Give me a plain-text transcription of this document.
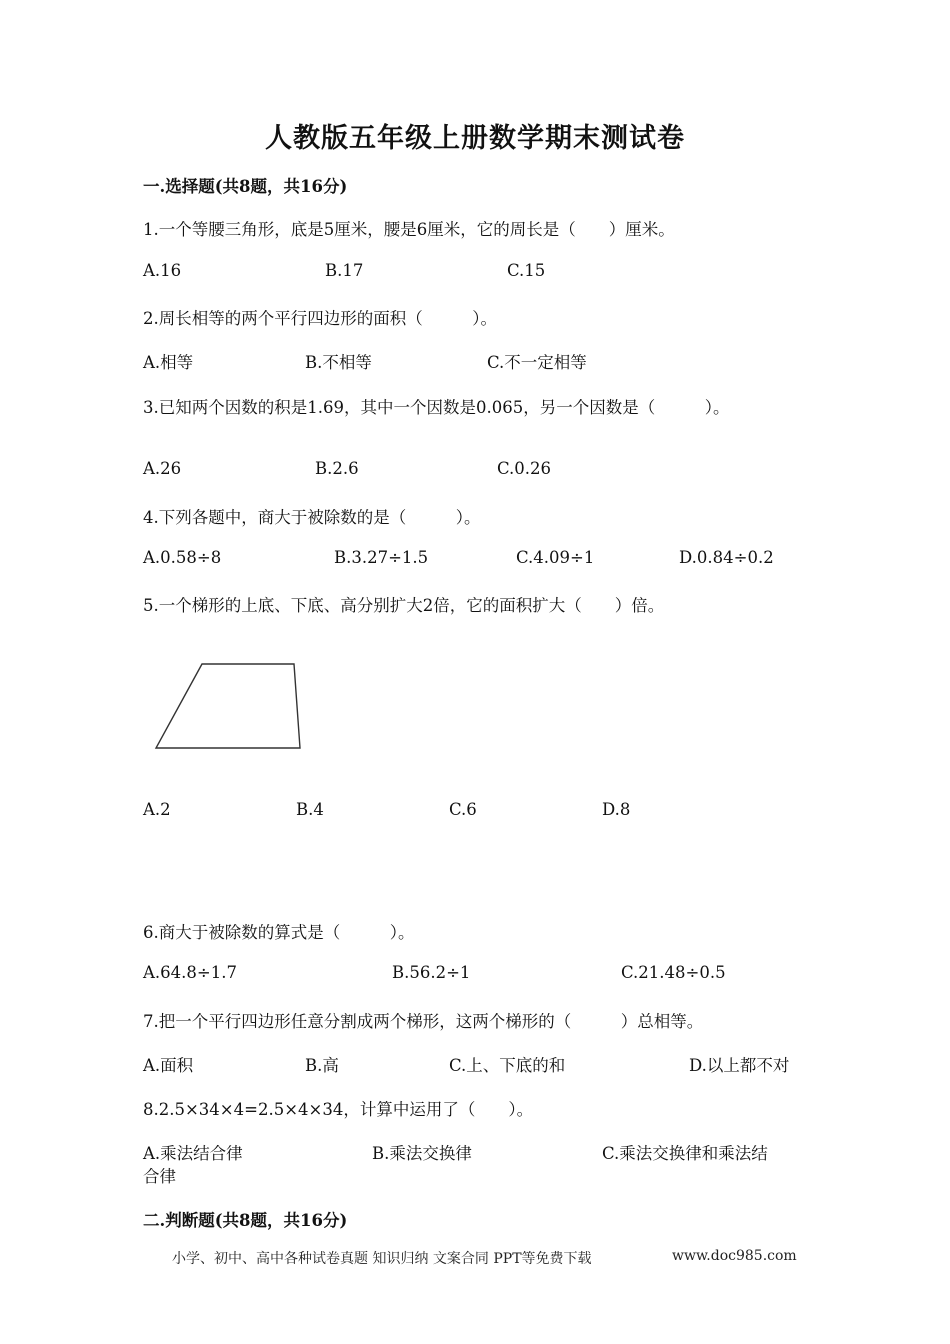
人教版五年级上册数学期末测试卷
一.选择题(共8题，共16分)
1.一个等腰三角形，底是5厘米，腰是6厘米，它的周长是（　　）厘米。
A.16	B.17	C.15
2.周长相等的两个平行四边形的面积（　　　）。
A.相等	B.不相等	C.不一定相等
3.已知两个因数的积是1.69，其中一个因数是0.065，另一个因数是（　　　）。
A.26	B.2.6	C.0.26
4.下列各题中，商大于被除数的是（　　　）。
A.0.58÷8	B.3.27÷1.5	C.4.09÷1	D.0.84÷0.2
5.一个梯形的上底、下底、高分别扩大2倍，它的面积扩大（　　）倍。
A.2	B.4	C.6	D.8
6.商大于被除数的算式是（　　　）。
A.64.8÷1.7	B.56.2÷1	C.21.48÷0.5
7.把一个平行四边形任意分割成两个梯形，这两个梯形的（　　　）总相等。
A.面积	B.高	C.上、下底的和	D.以上都不对
8.2.5×34×4=2.5×4×34，计算中运用了（　　）。
A.乘法结合律	B.乘法交换律	C.乘法交换律和乘法结
合律
二.判断题(共8题，共16分)
小学、初中、高中各种试卷真题 知识归纳 文案合同 PPT等免费下载	www.doc985.com
